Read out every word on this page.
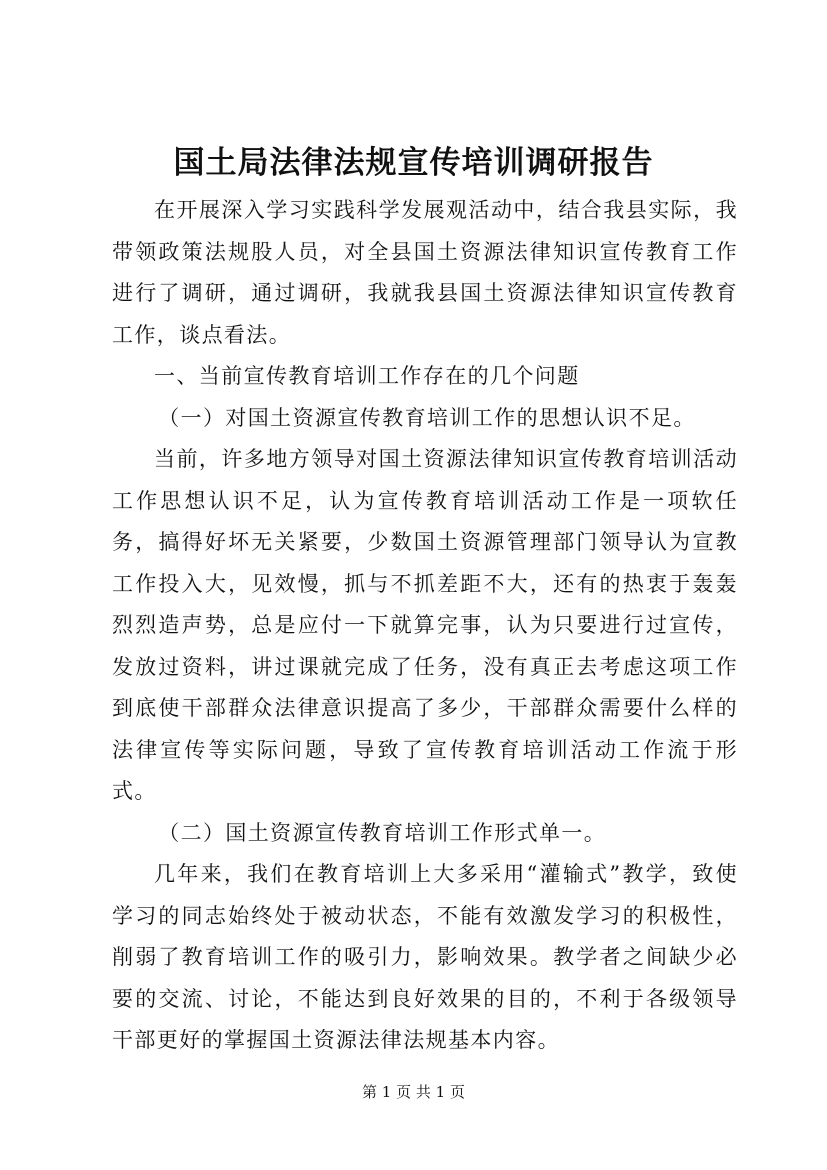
国土局法律法规宣传培训调研报告

在开展深入学习实践科学发展观活动中，结合我县实际，我带领政策法规股人员，对全县国土资源法律知识宣传教育工作进行了调研，通过调研，我就我县国土资源法律知识宣传教育工作，谈点看法。

一、当前宣传教育培训工作存在的几个问题

（一）对国土资源宣传教育培训工作的思想认识不足。

当前，许多地方领导对国土资源法律知识宣传教育培训活动工作思想认识不足，认为宣传教育培训活动工作是一项软任务，搞得好坏无关紧要，少数国土资源管理部门领导认为宣教工作投入大，见效慢，抓与不抓差距不大，还有的热衷于轰轰烈烈造声势，总是应付一下就算完事，认为只要进行过宣传，发放过资料，讲过课就完成了任务，没有真正去考虑这项工作到底使干部群众法律意识提高了多少，干部群众需要什么样的法律宣传等实际问题，导致了宣传教育培训活动工作流于形式。

（二）国土资源宣传教育培训工作形式单一。

几年来，我们在教育培训上大多采用“灌输式”教学，致使学习的同志始终处于被动状态，不能有效激发学习的积极性，削弱了教育培训工作的吸引力，影响效果。教学者之间缺少必要的交流、讨论，不能达到良好效果的目的，不利于各级领导干部更好的掌握国土资源法律法规基本内容。

第 1 页 共 1 页
